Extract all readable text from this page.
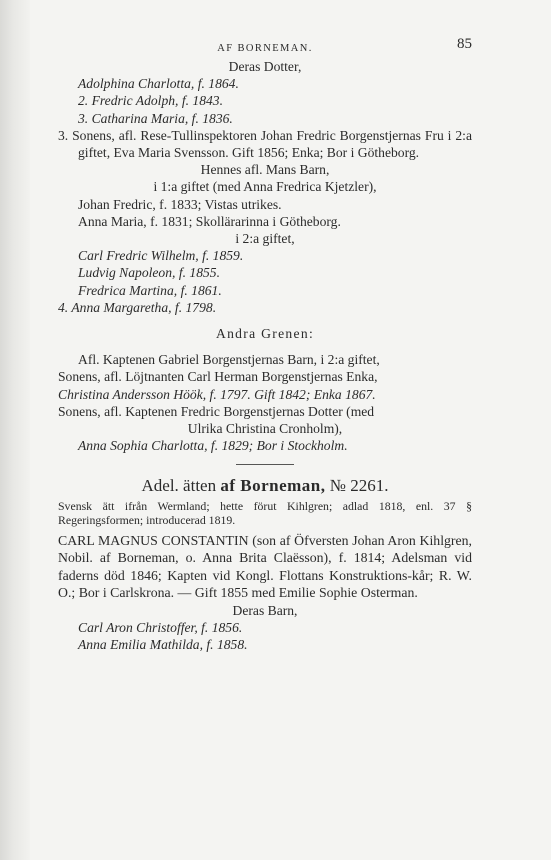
AF BORNEMAN.	85
Deras Dotter,
Adolphina Charlotta, f. 1864.
2. Fredric Adolph, f. 1843.
3. Catharina Maria, f. 1836.
3. Sonens, afl. Rese-Tullinspektoren Johan Fredric Borgenstjernas Fru i 2:a giftet, Eva Maria Svensson. Gift 1856; Enka; Bor i Götheborg.
Hennes afl. Mans Barn,
i 1:a giftet (med Anna Fredrica Kjetzler),
Johan Fredric, f. 1833; Vistas utrikes.
Anna Maria, f. 1831; Skollärarinna i Götheborg.
i 2:a giftet,
Carl Fredric Wilhelm, f. 1859.
Ludvig Napoleon, f. 1855.
Fredrica Martina, f. 1861.
4. Anna Margaretha, f. 1798.
Andra Grenen:
Afl. Kaptenen Gabriel Borgenstjernas Barn, i 2:a giftet,
Sonens, afl. Löjtnanten Carl Herman Borgenstjernas Enka,
Christina Andersson Höök, f. 1797. Gift 1842; Enka 1867.
Sonens, afl. Kaptenen Fredric Borgenstjernas Dotter (med
Ulrika Christina Cronholm),
Anna Sophia Charlotta, f. 1829; Bor i Stockholm.
Adel. ätten af Borneman, № 2261.
Svensk ätt ifrån Wermland; hette förut Kihlgren; adlad 1818, enl. 37 § Regeringsformen; introducerad 1819.
CARL MAGNUS CONSTANTIN (son af Öfversten Johan Aron Kihlgren, Nobil. af Borneman, o. Anna Brita Claësson), f. 1814; Adelsman vid faderns död 1846; Kapten vid Kongl. Flottans Konstruktions-kår; R. W. O.; Bor i Carlskrona. — Gift 1855 med Emilie Sophie Osterman.
Deras Barn,
Carl Aron Christoffer, f. 1856.
Anna Emilia Mathilda, f. 1858.
